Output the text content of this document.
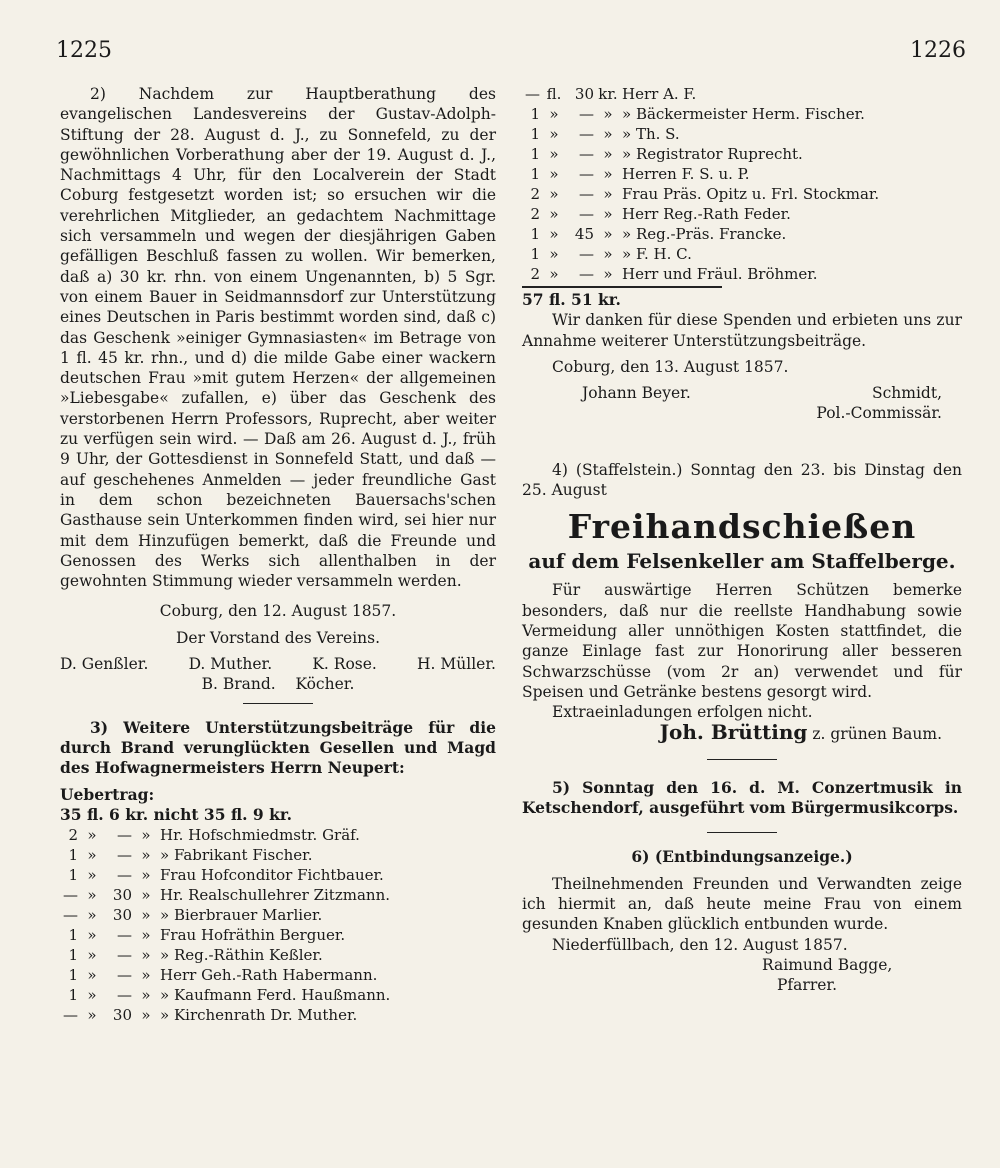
1225	1226

2) Nachdem zur Hauptberathung des evangelischen Landesvereins der Gustav-Adolph-Stiftung der 28. August d. J., zu Sonnefeld, zu der gewöhnlichen Vorberathung aber der 19. August d. J., Nachmittags 4 Uhr, für den Localverein der Stadt Coburg festgesetzt worden ist; so ersuchen wir die verehrlichen Mitglieder, an gedachtem Nachmittage sich versammeln und wegen der diesjährigen Gaben gefälligen Beschluß fassen zu wollen. Wir bemerken, daß a) 30 kr. rhn. von einem Ungenannten, b) 5 Sgr. von einem Bauer in Seidmannsdorf zur Unterstützung eines Deutschen in Paris bestimmt worden sind, daß c) das Geschenk »einiger Gymnasiasten« im Betrage von 1 fl. 45 kr. rhn., und d) die milde Gabe einer wackern deutschen Frau »mit gutem Herzen« der allgemeinen »Liebesgabe« zufallen, e) über das Geschenk des verstorbenen Herrn Professors, Ruprecht, aber weiter zu verfügen sein wird. — Daß am 26. August d. J., früh 9 Uhr, der Gottesdienst in Sonnefeld Statt, und daß — auf geschehenes Anmelden — jeder freundliche Gast in dem schon bezeichneten Bauersachs'schen Gasthause sein Unterkommen finden wird, sei hier nur mit dem Hinzufügen bemerkt, daß die Freunde und Genossen des Werks sich allenthalben in der gewohnten Stimmung wieder versammeln werden.

Coburg, den 12. August 1857.
Der Vorstand des Vereins.
D. Genßler.	D. Muther.	K. Rose.	H. Müller.
B. Brand. Köcher.

3) Weitere Unterstützungsbeiträge für die durch Brand verunglückten Gesellen und Magd des Hofwagnermeisters Herrn Neupert:

Uebertrag:
35 fl. 6 kr. nicht 35 fl. 9 kr.
2	»	—	»	Hr. Hofschmiedmstr. Gräf.
1	»	—	»	» Fabrikant Fischer.
1	»	—	»	Frau Hofconditor Fichtbauer.
—	»	30	»	Hr. Realschullehrer Zitzmann.
—	»	30	»	» Bierbrauer Marlier.
1	»	—	»	Frau Hofräthin Berguer.
1	»	—	»	» Reg.-Räthin Keßler.
1	»	—	»	Herr Geh.-Rath Habermann.
1	»	—	»	» Kaufmann Ferd. Haußmann.
—	»	30	»	» Kirchenrath Dr. Muther.
—	fl.	30	kr.	Herr A. F.
1	»	—	»	» Bäckermeister Herm. Fischer.
1	»	—	»	» Th. S.
1	»	—	»	» Registrator Ruprecht.
1	»	—	»	Herren F. S. u. P.
2	»	—	»	Frau Präs. Opitz u. Frl. Stockmar.
2	»	—	»	Herr Reg.-Rath Feder.
1	»	45	»	» Reg.-Präs. Francke.
1	»	—	»	» F. H. C.
2	»	—	»	Herr und Fräul. Bröhmer.
57 fl. 51 kr.

Wir danken für diese Spenden und erbieten uns zur Annahme weiterer Unterstützungsbeiträge.

Coburg, den 13. August 1857.
Johann Beyer.	Schmidt,
Pol.-Commissär.

4) (Staffelstein.) Sonntag den 23. bis Dinstag den 25. August

Freihandschießen
auf dem Felsenkeller am Staffelberge.

Für auswärtige Herren Schützen bemerke besonders, daß nur die reellste Handhabung sowie Vermeidung aller unnöthigen Kosten stattfindet, die ganze Einlage fast zur Honorirung aller besseren Schwarzschüsse (vom 2r an) verwendet und für Speisen und Getränke bestens gesorgt wird.

Extraeinladungen erfolgen nicht.
Joh. Brütting z. grünen Baum.

5) Sonntag den 16. d. M. Conzertmusik in Ketschendorf, ausgeführt vom Bürgermusikcorps.

6) (Entbindungsanzeige.)

Theilnehmenden Freunden und Verwandten zeige ich hiermit an, daß heute meine Frau von einem gesunden Knaben glücklich entbunden wurde.

Niederfüllbach, den 12. August 1857.
Raimund Bagge,
Pfarrer.
